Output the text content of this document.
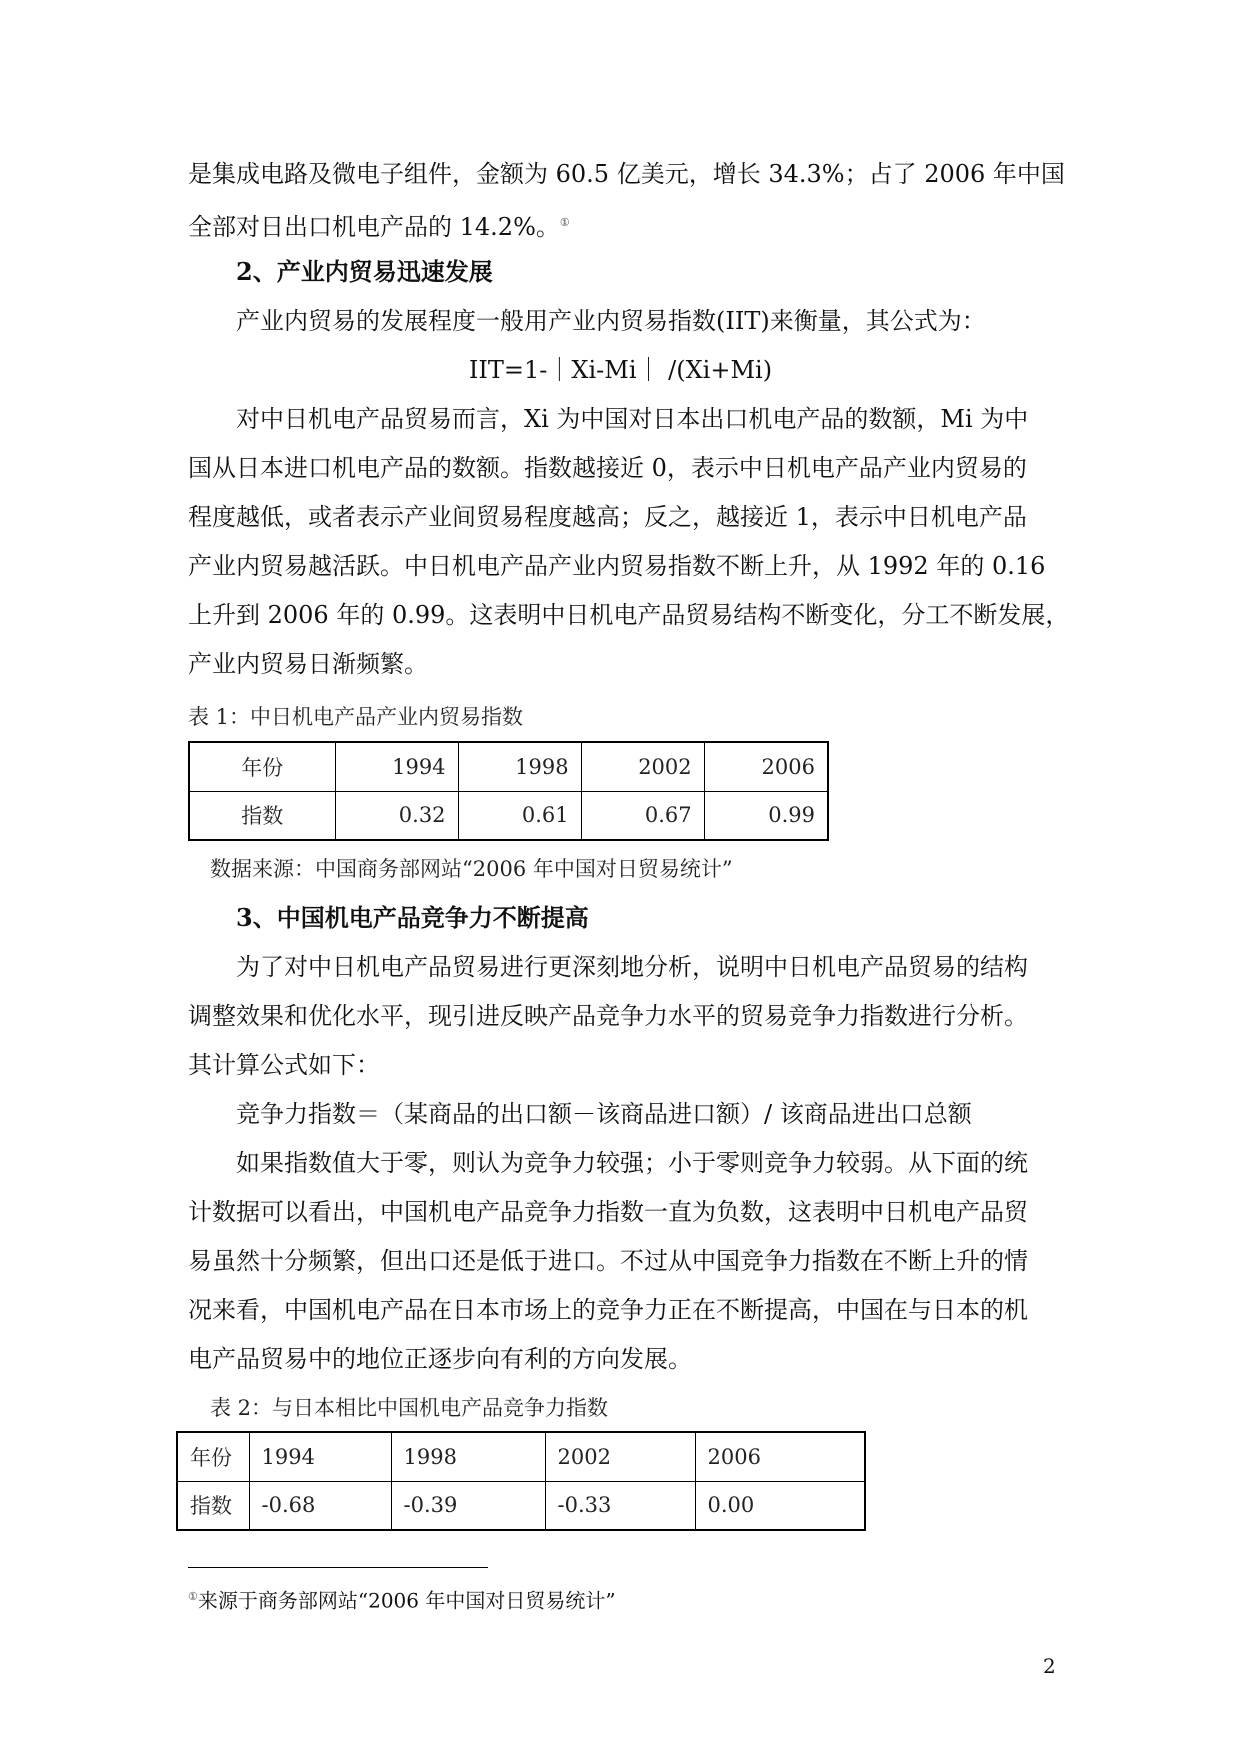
是集成电路及微电子组件，金额为 60.5 亿美元，增长 34.3%；占了 2006 年中国
全部对日出口机电产品的 14.2%。①
2、产业内贸易迅速发展
产业内贸易的发展程度一般用产业内贸易指数(IIT)来衡量，其公式为：
IIT=1-｜Xi-Mi｜ /(Xi+Mi)
对中日机电产品贸易而言，Xi 为中国对日本出口机电产品的数额，Mi 为中
国从日本进口机电产品的数额。指数越接近 0，表示中日机电产品产业内贸易的
程度越低，或者表示产业间贸易程度越高；反之，越接近 1，表示中日机电产品
产业内贸易越活跃。中日机电产品产业内贸易指数不断上升，从 1992 年的 0.16
上升到 2006 年的 0.99。这表明中日机电产品贸易结构不断变化，分工不断发展，
产业内贸易日渐频繁。
表 1：中日机电产品产业内贸易指数
年份	1994	1998	2002	2006
指数	0.32	0.61	0.67	0.99
数据来源：中国商务部网站“2006 年中国对日贸易统计”
3、中国机电产品竞争力不断提高
为了对中日机电产品贸易进行更深刻地分析，说明中日机电产品贸易的结构
调整效果和优化水平，现引进反映产品竞争力水平的贸易竞争力指数进行分析。
其计算公式如下：
竞争力指数＝（某商品的出口额－该商品进口额）/ 该商品进出口总额
如果指数值大于零，则认为竞争力较强；小于零则竞争力较弱。从下面的统
计数据可以看出，中国机电产品竞争力指数一直为负数，这表明中日机电产品贸
易虽然十分频繁，但出口还是低于进口。不过从中国竞争力指数在不断上升的情
况来看，中国机电产品在日本市场上的竞争力正在不断提高，中国在与日本的机
电产品贸易中的地位正逐步向有利的方向发展。
表 2：与日本相比中国机电产品竞争力指数
年份	1994	1998	2002	2006
指数	-0.68	-0.39	-0.33	0.00
①来源于商务部网站“2006 年中国对日贸易统计”
2
